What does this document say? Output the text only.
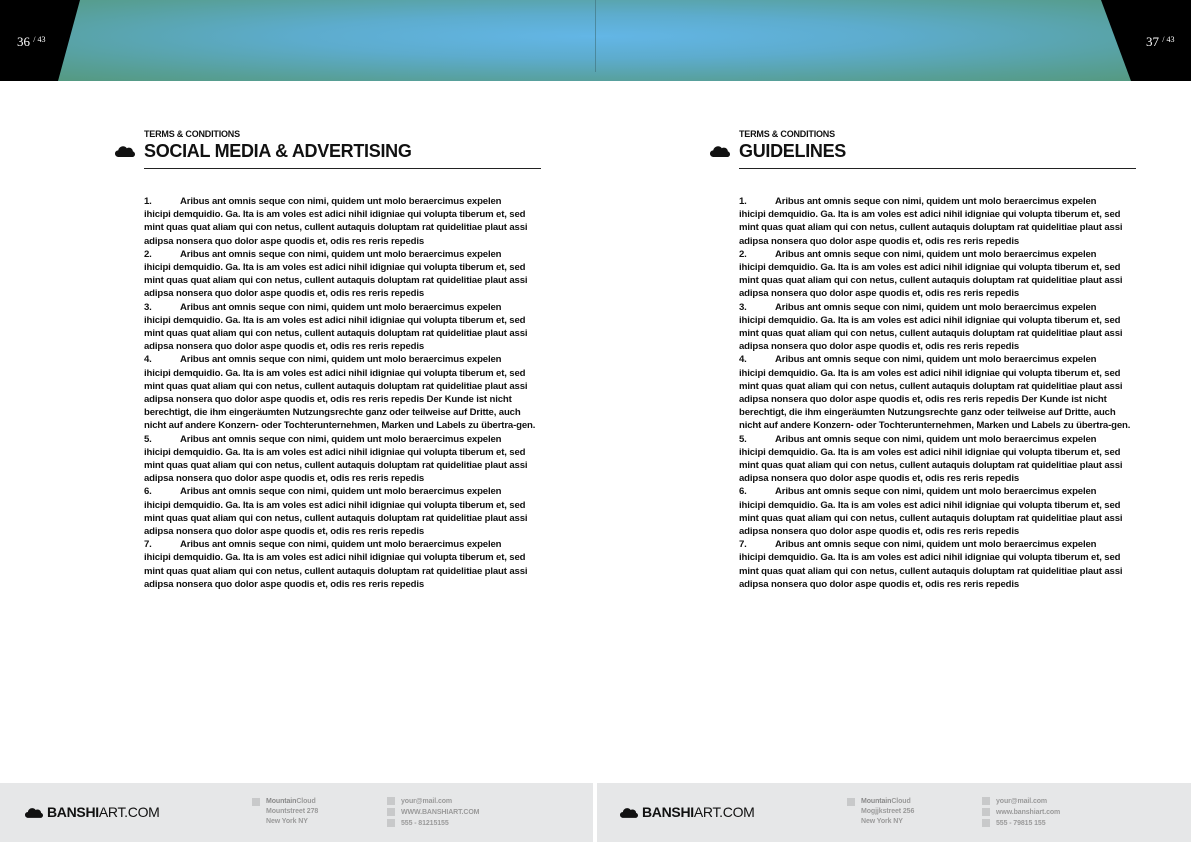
36 $^{/ 43}$	37 $^{/ 43}$
TERMS & CONDITIONS
SOCIAL MEDIA & ADVERTISING
1.	Aribus ant omnis seque con nimi, quidem unt molo beraercimus expelen
ihicipi demquidio. Ga. Ita is am voles est adici nihil idigniae qui volupta tiberum et, sed mint quas quat aliam qui con netus, cullent autaquis doluptam rat quidelitiae plaut assi adipsa nonsera quo dolor aspe quodis et, odis res reris repedis
2.	Aribus ant omnis seque con nimi, quidem unt molo beraercimus expelen
ihicipi demquidio. Ga. Ita is am voles est adici nihil idigniae qui volupta tiberum et, sed mint quas quat aliam qui con netus, cullent autaquis doluptam rat quidelitiae plaut assi adipsa nonsera quo dolor aspe quodis et, odis res reris repedis
3.	Aribus ant omnis seque con nimi, quidem unt molo beraercimus expelen
ihicipi demquidio. Ga. Ita is am voles est adici nihil idigniae qui volupta tiberum et, sed mint quas quat aliam qui con netus, cullent autaquis doluptam rat quidelitiae plaut assi adipsa nonsera quo dolor aspe quodis et, odis res reris repedis
4.	Aribus ant omnis seque con nimi, quidem unt molo beraercimus expelen
ihicipi demquidio. Ga. Ita is am voles est adici nihil idigniae qui volupta tiberum et, sed mint quas quat aliam qui con netus, cullent autaquis doluptam rat quidelitiae plaut assi adipsa nonsera quo dolor aspe quodis et, odis res reris repedis Der Kunde ist nicht berechtigt, die ihm eingeräumten Nutzungsrechte ganz oder teilweise auf Dritte, auch nicht auf andere Konzern- oder Tochterunternehmen, Marken und Labels zu übertra-gen.
5.	Aribus ant omnis seque con nimi, quidem unt molo beraercimus expelen
ihicipi demquidio. Ga. Ita is am voles est adici nihil idigniae qui volupta tiberum et, sed mint quas quat aliam qui con netus, cullent autaquis doluptam rat quidelitiae plaut assi adipsa nonsera quo dolor aspe quodis et, odis res reris repedis
6.	Aribus ant omnis seque con nimi, quidem unt molo beraercimus expelen
ihicipi demquidio. Ga. Ita is am voles est adici nihil idigniae qui volupta tiberum et, sed mint quas quat aliam qui con netus, cullent autaquis doluptam rat quidelitiae plaut assi adipsa nonsera quo dolor aspe quodis et, odis res reris repedis
7.	Aribus ant omnis seque con nimi, quidem unt molo beraercimus expelen
ihicipi demquidio. Ga. Ita is am voles est adici nihil idigniae qui volupta tiberum et, sed mint quas quat aliam qui con netus, cullent autaquis doluptam rat quidelitiae plaut assi adipsa nonsera quo dolor aspe quodis et, odis res reris repedis
TERMS & CONDITIONS
GUIDELINES
1.	Aribus ant omnis seque con nimi, quidem unt molo beraercimus expelen
ihicipi demquidio. Ga. Ita is am voles est adici nihil idigniae qui volupta tiberum et, sed mint quas quat aliam qui con netus, cullent autaquis doluptam rat quidelitiae plaut assi adipsa nonsera quo dolor aspe quodis et, odis res reris repedis
2.	Aribus ant omnis seque con nimi, quidem unt molo beraercimus expelen
ihicipi demquidio. Ga. Ita is am voles est adici nihil idigniae qui volupta tiberum et, sed mint quas quat aliam qui con netus, cullent autaquis doluptam rat quidelitiae plaut assi adipsa nonsera quo dolor aspe quodis et, odis res reris repedis
3.	Aribus ant omnis seque con nimi, quidem unt molo beraercimus expelen
ihicipi demquidio. Ga. Ita is am voles est adici nihil idigniae qui volupta tiberum et, sed mint quas quat aliam qui con netus, cullent autaquis doluptam rat quidelitiae plaut assi adipsa nonsera quo dolor aspe quodis et, odis res reris repedis
4.	Aribus ant omnis seque con nimi, quidem unt molo beraercimus expelen
ihicipi demquidio. Ga. Ita is am voles est adici nihil idigniae qui volupta tiberum et, sed mint quas quat aliam qui con netus, cullent autaquis doluptam rat quidelitiae plaut assi adipsa nonsera quo dolor aspe quodis et, odis res reris repedis Der Kunde ist nicht berechtigt, die ihm eingeräumten Nutzungsrechte ganz oder teilweise auf Dritte, auch nicht auf andere Konzern- oder Tochterunternehmen, Marken und Labels zu übertra-gen.
5.	Aribus ant omnis seque con nimi, quidem unt molo beraercimus expelen
ihicipi demquidio. Ga. Ita is am voles est adici nihil idigniae qui volupta tiberum et, sed mint quas quat aliam qui con netus, cullent autaquis doluptam rat quidelitiae plaut assi adipsa nonsera quo dolor aspe quodis et, odis res reris repedis
6.	Aribus ant omnis seque con nimi, quidem unt molo beraercimus expelen
ihicipi demquidio. Ga. Ita is am voles est adici nihil idigniae qui volupta tiberum et, sed mint quas quat aliam qui con netus, cullent autaquis doluptam rat quidelitiae plaut assi adipsa nonsera quo dolor aspe quodis et, odis res reris repedis
7.	Aribus ant omnis seque con nimi, quidem unt molo beraercimus expelen
ihicipi demquidio. Ga. Ita is am voles est adici nihil idigniae qui volupta tiberum et, sed mint quas quat aliam qui con netus, cullent autaquis doluptam rat quidelitiae plaut assi adipsa nonsera quo dolor aspe quodis et, odis res reris repedis
BANSHIART.COM
MountainCloud
Mountstreet 278
New York NY
your@mail.com
WWW.BANSHIART.COM
555 - 81215155
BANSHIART.COM
MountainCloud
Mogjjkstreet 256
New York NY
your@mail.com
www.banshiart.com
555 - 79815 155
